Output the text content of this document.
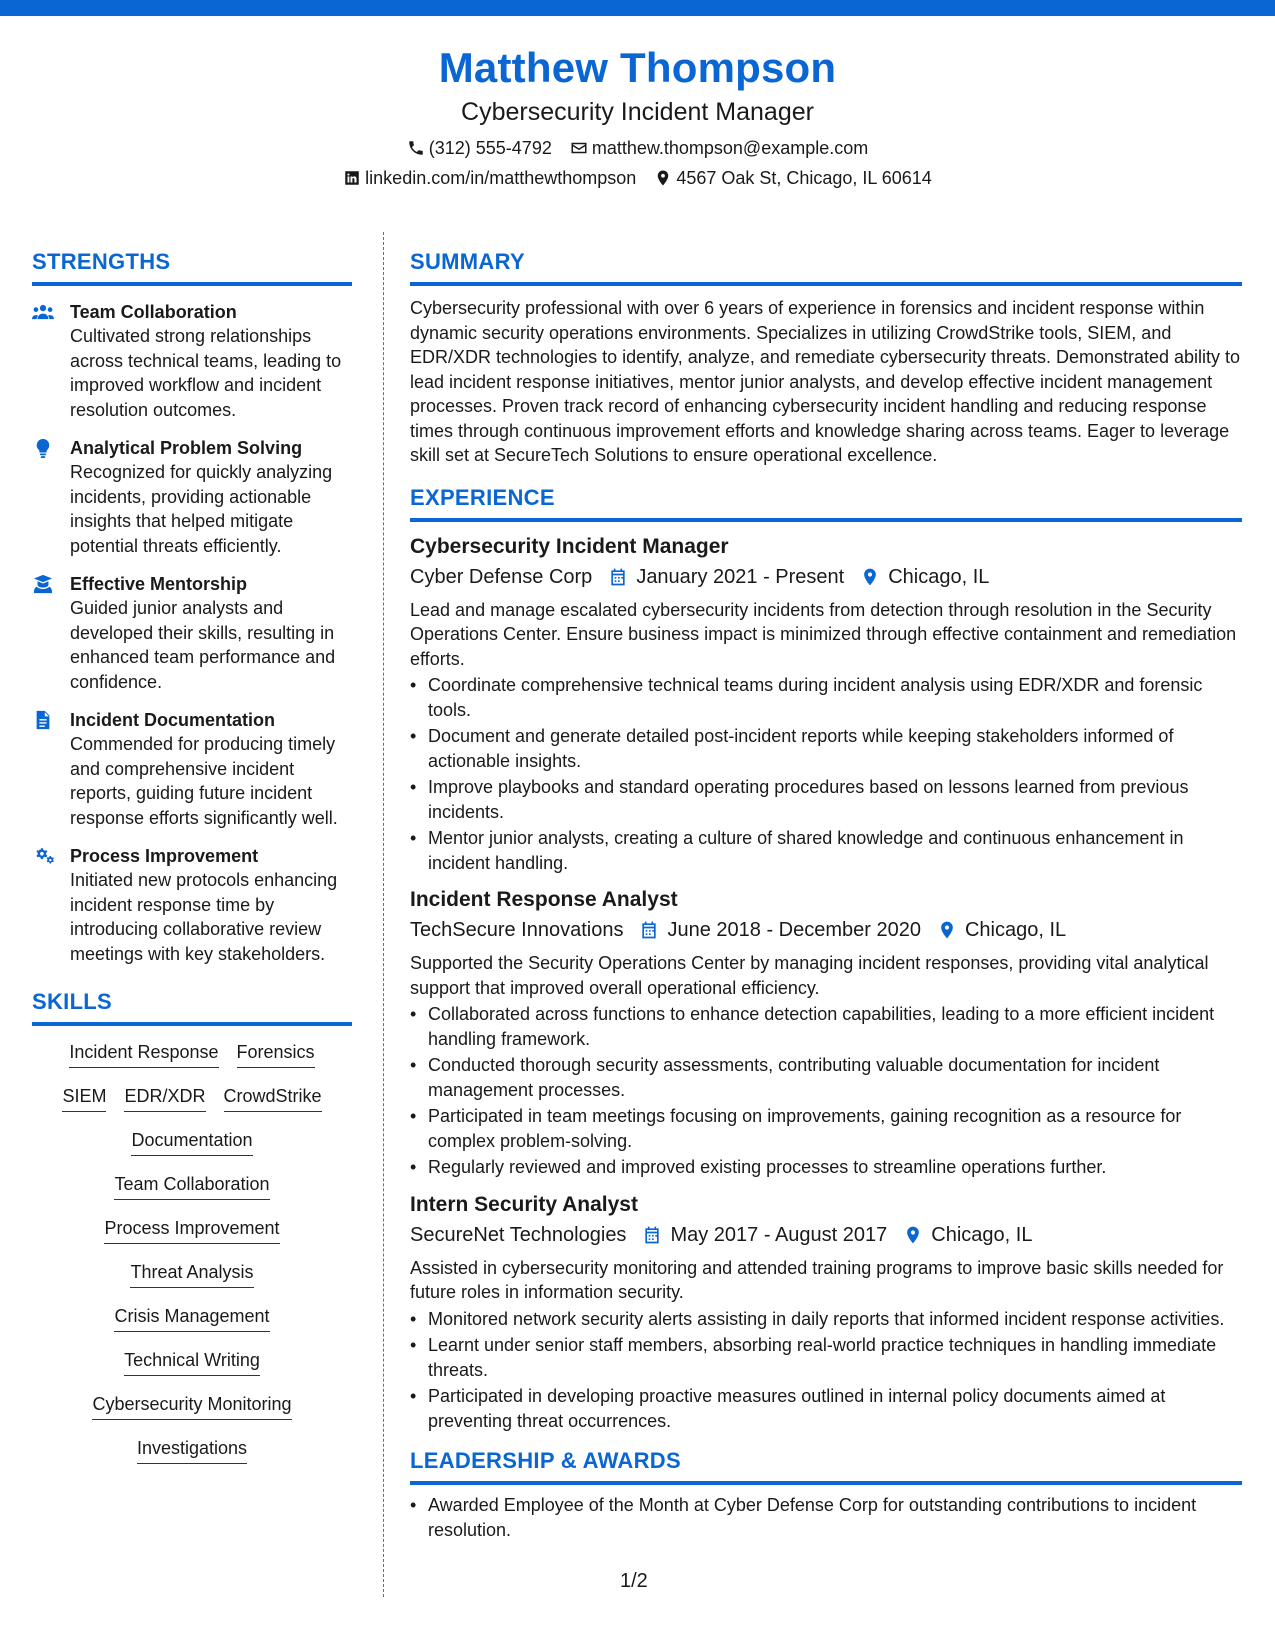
Matthew Thompson
Cybersecurity Incident Manager
(312) 555-4792 matthew.thompson@example.com
linkedin.com/in/matthewthompson 4567 Oak St, Chicago, IL 60614
STRENGTHS
Team Collaboration
Cultivated strong relationships across technical teams, leading to improved workflow and incident resolution outcomes.
Analytical Problem Solving
Recognized for quickly analyzing incidents, providing actionable insights that helped mitigate potential threats efficiently.
Effective Mentorship
Guided junior analysts and developed their skills, resulting in enhanced team performance and confidence.
Incident Documentation
Commended for producing timely and comprehensive incident reports, guiding future incident response efforts significantly well.
Process Improvement
Initiated new protocols enhancing incident response time by introducing collaborative review meetings with key stakeholders.
SKILLS
Incident Response Forensics
SIEM EDR/XDR CrowdStrike
Documentation
Team Collaboration
Process Improvement
Threat Analysis
Crisis Management
Technical Writing
Cybersecurity Monitoring
Investigations
SUMMARY
Cybersecurity professional with over 6 years of experience in forensics and incident response within dynamic security operations environments. Specializes in utilizing CrowdStrike tools, SIEM, and EDR/XDR technologies to identify, analyze, and remediate cybersecurity threats. Demonstrated ability to lead incident response initiatives, mentor junior analysts, and develop effective incident management processes. Proven track record of enhancing cybersecurity incident handling and reducing response times through continuous improvement efforts and knowledge sharing across teams. Eager to leverage skill set at SecureTech Solutions to ensure operational excellence.
EXPERIENCE
Cybersecurity Incident Manager
Cyber Defense Corp January 2021 - Present Chicago, IL
Lead and manage escalated cybersecurity incidents from detection through resolution in the Security Operations Center. Ensure business impact is minimized through effective containment and remediation efforts.
• Coordinate comprehensive technical teams during incident analysis using EDR/XDR and forensic tools.
• Document and generate detailed post-incident reports while keeping stakeholders informed of actionable insights.
• Improve playbooks and standard operating procedures based on lessons learned from previous incidents.
• Mentor junior analysts, creating a culture of shared knowledge and continuous enhancement in incident handling.
Incident Response Analyst
TechSecure Innovations June 2018 - December 2020 Chicago, IL
Supported the Security Operations Center by managing incident responses, providing vital analytical support that improved overall operational efficiency.
• Collaborated across functions to enhance detection capabilities, leading to a more efficient incident handling framework.
• Conducted thorough security assessments, contributing valuable documentation for incident management processes.
• Participated in team meetings focusing on improvements, gaining recognition as a resource for complex problem-solving.
• Regularly reviewed and improved existing processes to streamline operations further.
Intern Security Analyst
SecureNet Technologies May 2017 - August 2017 Chicago, IL
Assisted in cybersecurity monitoring and attended training programs to improve basic skills needed for future roles in information security.
• Monitored network security alerts assisting in daily reports that informed incident response activities.
• Learnt under senior staff members, absorbing real-world practice techniques in handling immediate threats.
• Participated in developing proactive measures outlined in internal policy documents aimed at preventing threat occurrences.
LEADERSHIP & AWARDS
• Awarded Employee of the Month at Cyber Defense Corp for outstanding contributions to incident resolution.
1/2
